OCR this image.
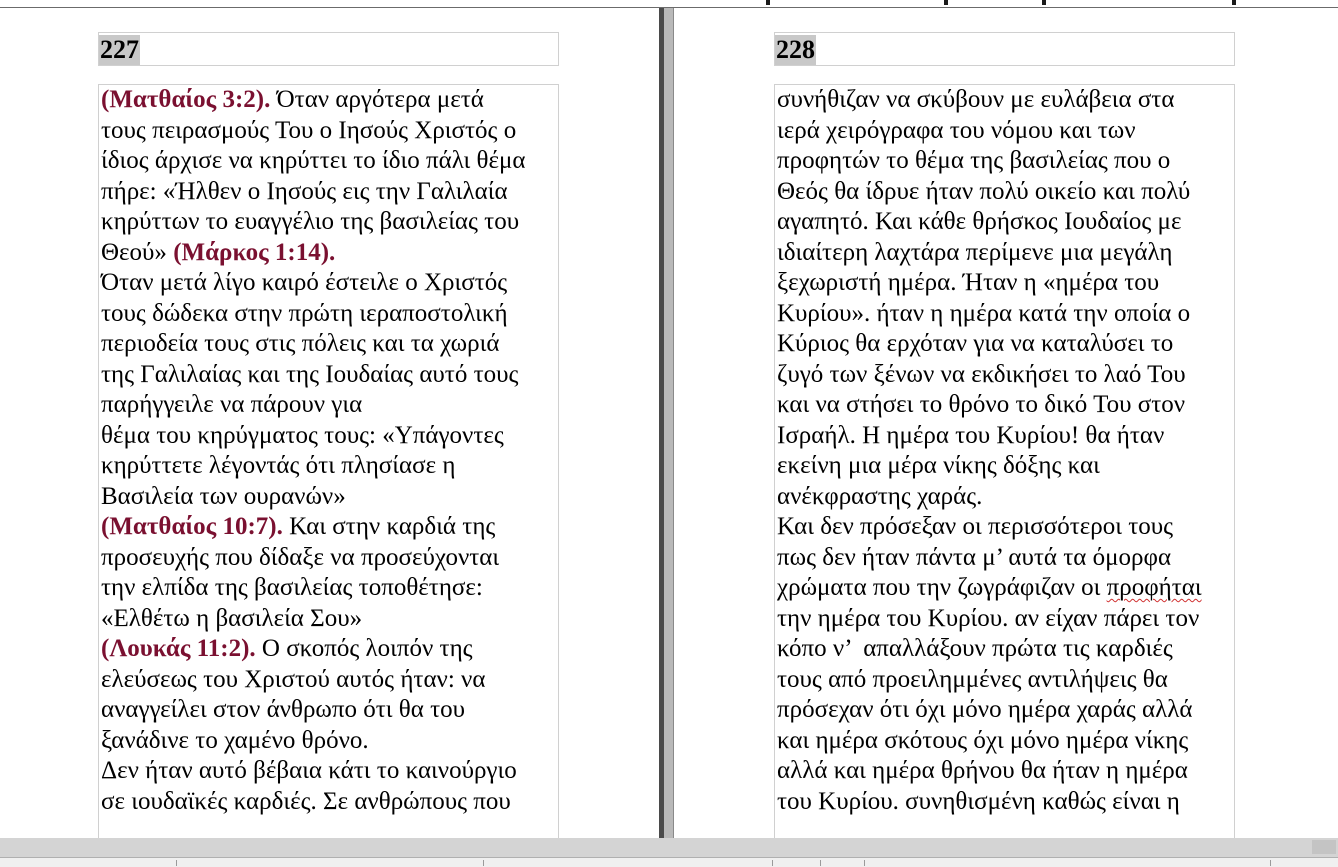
227
(Ματθαίος 3:2). Όταν αργότερα μετά
τους πειρασμούς Του ο Ιησούς Χριστός ο
ίδιος άρχισε να κηρύττει το ίδιο πάλι θέμα
πήρε: «Ήλθεν ο Ιησούς εις την Γαλιλαία
κηρύττων το ευαγγέλιο της βασιλείας του
Θεού» (Μάρκος 1:14).
Όταν μετά λίγο καιρό έστειλε ο Χριστός
τους δώδεκα στην πρώτη ιεραποστολική
περιοδεία τους στις πόλεις και τα χωριά
της Γαλιλαίας και της Ιουδαίας αυτό τους
παρήγγειλε να πάρουν για
θέμα του κηρύγματος τους: «Υπάγοντες
κηρύττετε λέγοντάς ότι πλησίασε η
Βασιλεία των ουρανών»
(Ματθαίος 10:7). Και στην καρδιά της
προσευχής που δίδαξε να προσεύχονται
την ελπίδα της βασιλείας τοποθέτησε:
«Ελθέτω η βασιλεία Σου»
(Λουκάς 11:2). Ο σκοπός λοιπόν της
ελεύσεως του Χριστού αυτός ήταν: να
αναγγείλει στον άνθρωπο ότι θα του
ξανάδινε το χαμένο θρόνο.
Δεν ήταν αυτό βέβαια κάτι το καινούργιο
σε ιουδαϊκές καρδιές. Σε ανθρώπους που
228
συνήθιζαν να σκύβουν με ευλάβεια στα
ιερά χειρόγραφα του νόμου και των
προφητών το θέμα της βασιλείας που ο
Θεός θα ίδρυε ήταν πολύ οικείο και πολύ
αγαπητό. Και κάθε θρήσκος Ιουδαίος με
ιδιαίτερη λαχτάρα περίμενε μια μεγάλη
ξεχωριστή ημέρα. Ήταν η «ημέρα του
Κυρίου». ήταν η ημέρα κατά την οποία ο
Κύριος θα ερχόταν για να καταλύσει το
ζυγό των ξένων να εκδικήσει το λαό Του
και να στήσει το θρόνο το δικό Του στον
Ισραήλ. Η ημέρα του Κυρίου! θα ήταν
εκείνη μια μέρα νίκης δόξης και
ανέκφραστης χαράς.
Και δεν πρόσεξαν οι περισσότεροι τους
πως δεν ήταν πάντα μ’ αυτά τα όμορφα
χρώματα που την ζωγράφιζαν οι προφήται
την ημέρα του Κυρίου. αν είχαν πάρει τον
κόπο ν’  απαλλάξουν πρώτα τις καρδιές
τους από προειλημμένες αντιλήψεις θα
πρόσεχαν ότι όχι μόνο ημέρα χαράς αλλά
και ημέρα σκότους όχι μόνο ημέρα νίκης
αλλά και ημέρα θρήνου θα ήταν η ημέρα
του Κυρίου. συνηθισμένη καθώς είναι η
